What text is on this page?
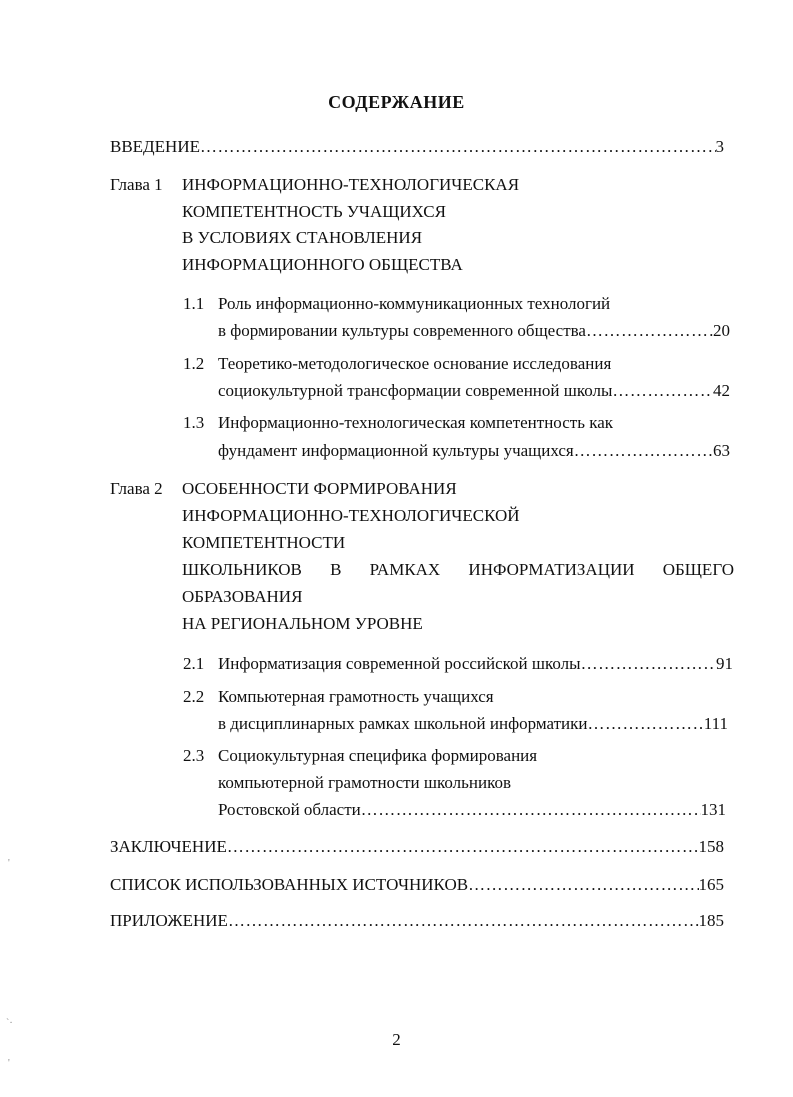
СОДЕРЖАНИЕ
ВВЕДЕНИЕ …………………………………………………………………………………………………………………………………………………………	3
Глава 1 ИНФОРМАЦИОННО-ТЕХНОЛОГИЧЕСКАЯ
КОМПЕТЕНТНОСТЬ УЧАЩИХСЯ
В УСЛОВИЯХ СТАНОВЛЕНИЯ
ИНФОРМАЦИОННОГО ОБЩЕСТВА
1.1 Роль информационно-коммуникационных технологий
в формировании культуры современного общества …………………………………………………………………………………………………………………………………………………………	20
1.2 Теоретико-методологическое основание исследования
социокультурной трансформации современной школы …………………………………………………………………………………………………………………………………………………………	42
1.3 Информационно-технологическая компетентность как
фундамент информационной культуры учащихся …………………………………………………………………………………………………………………………………………………………	63
Глава 2 ОСОБЕННОСТИ ФОРМИРОВАНИЯ
ИНФОРМАЦИОННО-ТЕХНОЛОГИЧЕСКОЙ
КОМПЕТЕНТНОСТИ
ШКОЛЬНИКОВ В РАМКАХ ИНФОРМАТИЗАЦИИ ОБЩЕГО
ОБРАЗОВАНИЯ
НА РЕГИОНАЛЬНОМ УРОВНЕ
2.1 Информатизация современной российской школы …………………………………………………………………………………………………………………………………………………………	91
2.2 Компьютерная грамотность учащихся
в дисциплинарных рамках школьной информатики …………………………………………………………………………………………………………………………………………………………	111
2.3 Социокультурная специфика формирования
компьютерной грамотности школьников
Ростовской области …………………………………………………………………………………………………………………………………………………………	131
ЗАКЛЮЧЕНИЕ …………………………………………………………………………………………………………………………………………………………	158
СПИСОК ИСПОЛЬЗОВАННЫХ ИСТОЧНИКОВ …………………………………………………………………………………………………………………………………………………………	165
ПРИЛОЖЕНИЕ …………………………………………………………………………………………………………………………………………………………	185
2
'
ˋ·
'
